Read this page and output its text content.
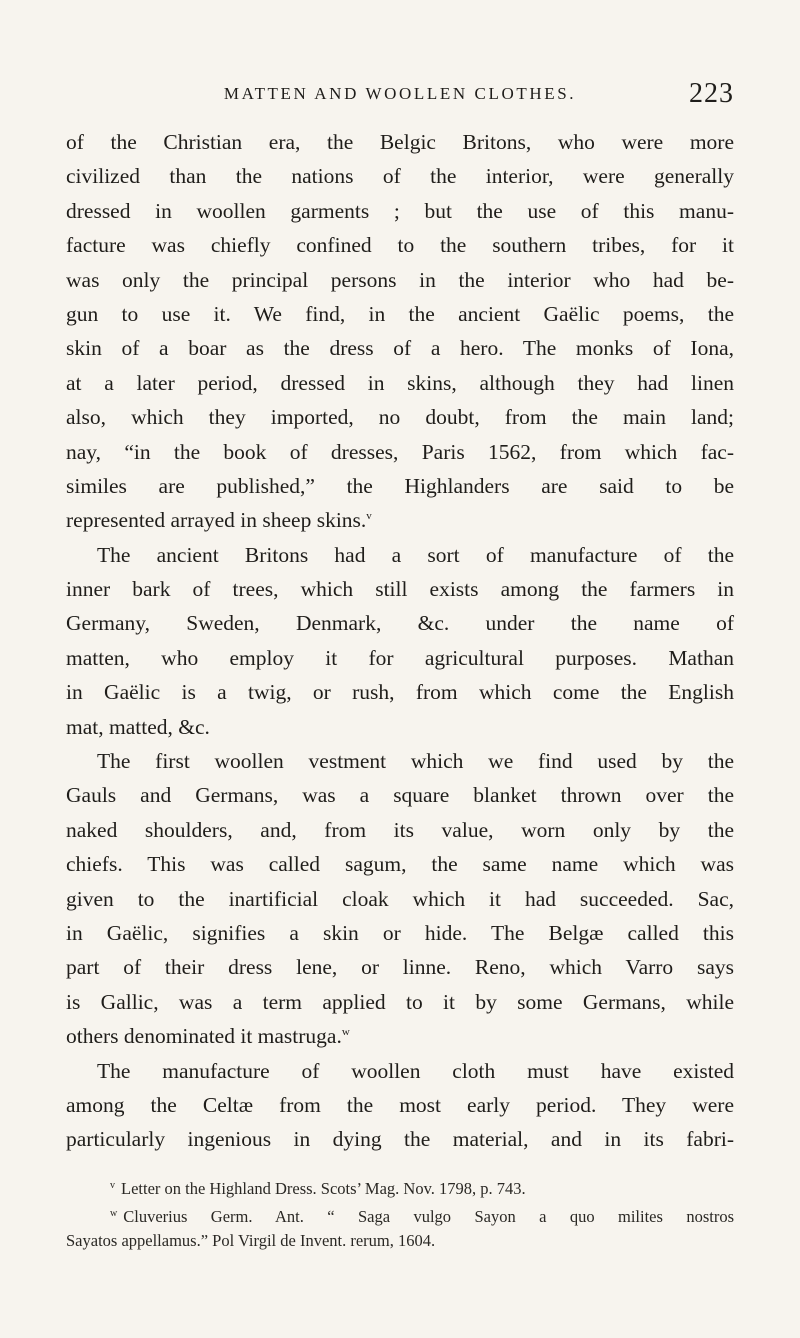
MATTEN AND WOOLLEN CLOTHES.	223
of the Christian era, the Belgic Britons, who were more
civilized than the nations of the interior, were generally
dressed in woollen garments ; but the use of this manu-
facture was chiefly confined to the southern tribes, for it
was only the principal persons in the interior who had be-
gun to use it. We find, in the ancient Gaëlic poems, the
skin of a boar as the dress of a hero. The monks of Iona,
at a later period, dressed in skins, although they had linen
also, which they imported, no doubt, from the main land;
nay, “in the book of dresses, Paris 1562, from which fac-
similes are published,” the Highlanders are said to be
represented arrayed in sheep skins.$^v$
The ancient Britons had a sort of manufacture of the
inner bark of trees, which still exists among the farmers in
Germany, Sweden, Denmark, &c. under the name of
matten, who employ it for agricultural purposes. Mathan
in Gaëlic is a twig, or rush, from which come the English
mat, matted, &c.
The first woollen vestment which we find used by the
Gauls and Germans, was a square blanket thrown over the
naked shoulders, and, from its value, worn only by the
chiefs. This was called sagum, the same name which was
given to the inartificial cloak which it had succeeded. Sac,
in Gaëlic, signifies a skin or hide. The Belgæ called this
part of their dress lene, or linne. Reno, which Varro says
is Gallic, was a term applied to it by some Germans, while
others denominated it mastruga.$^w$
The manufacture of woollen cloth must have existed
among the Celtæ from the most early period. They were
particularly ingenious in dying the material, and in its fabri-
$^v$ Letter on the Highland Dress. Scots’ Mag. Nov. 1798, p. 743.
$^w$ Cluverius Germ. Ant. “ Saga vulgo Sayon a quo milites nostros
Sayatos appellamus.” Pol Virgil de Invent. rerum, 1604.
